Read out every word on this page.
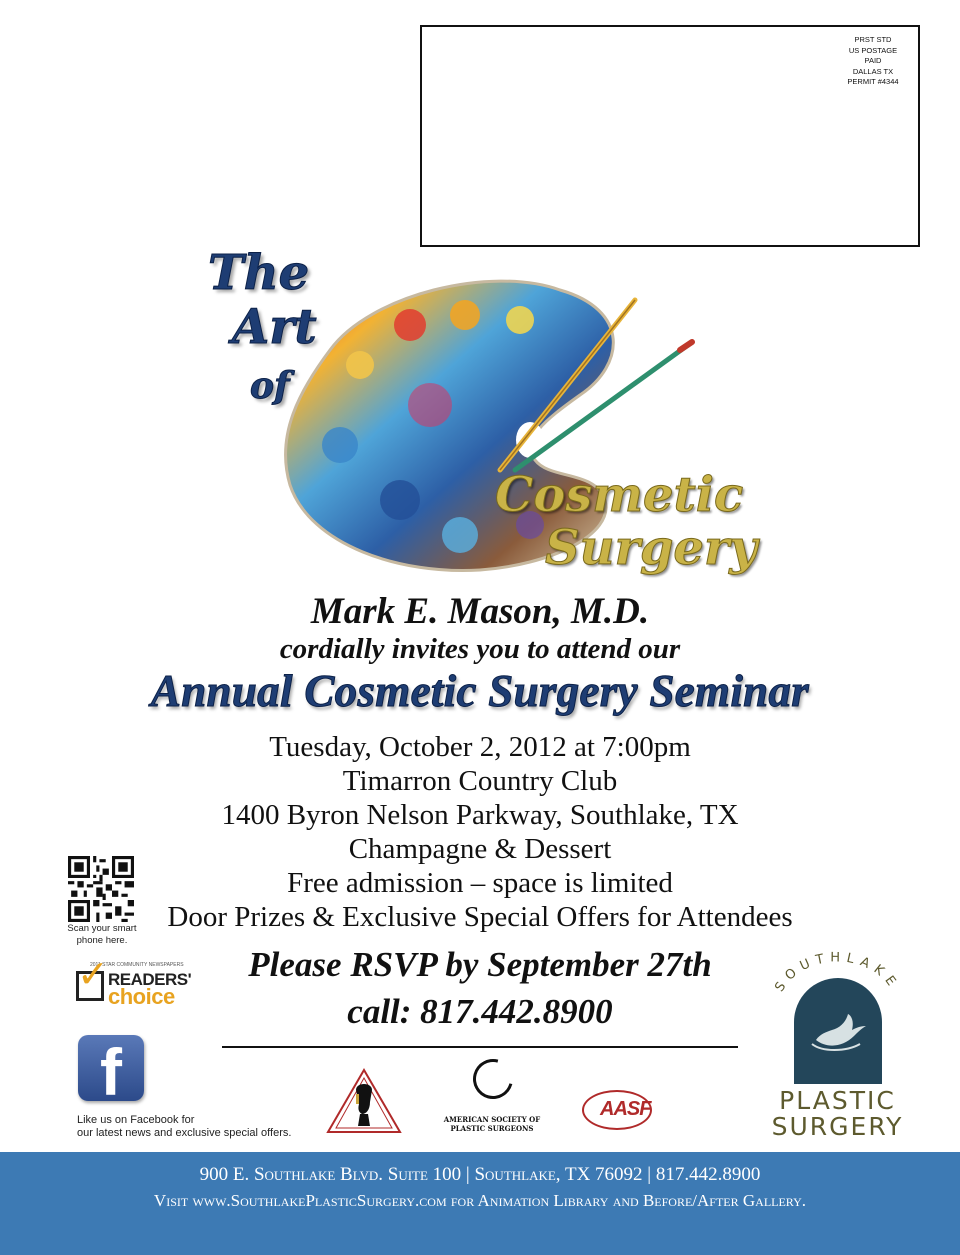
PRST STD
US POSTAGE
PAID
DALLAS TX
PERMIT #4344
The
Art
of
Cosmetic
Surgery
Mark E. Mason, M.D.
cordially invites you to attend our
Annual Cosmetic Surgery Seminar
Tuesday, October 2, 2012 at 7:00pm
Timarron Country Club
1400 Byron Nelson Parkway, Southlake, TX
Champagne & Dessert
Free admission – space is limited
Door Prizes & Exclusive Special Offers for Attendees
Please RSVP by September 27th
call: 817.442.8900
Scan your smart phone here.
2011 STAR COMMUNITY NEWSPAPERS
✓ READERS'
choice
f
Like us on Facebook for
our latest news and exclusive special offers.
AMERICAN SOCIETY OF
PLASTIC SURGEONS
AASF
SOUTHLAKE
PLASTIC
SURGERY
900 E. Southlake Blvd. Suite 100 | Southlake, TX 76092 | 817.442.8900
Visit www.SouthlakePlasticSurgery.com for Animation Library and Before/After Gallery.
